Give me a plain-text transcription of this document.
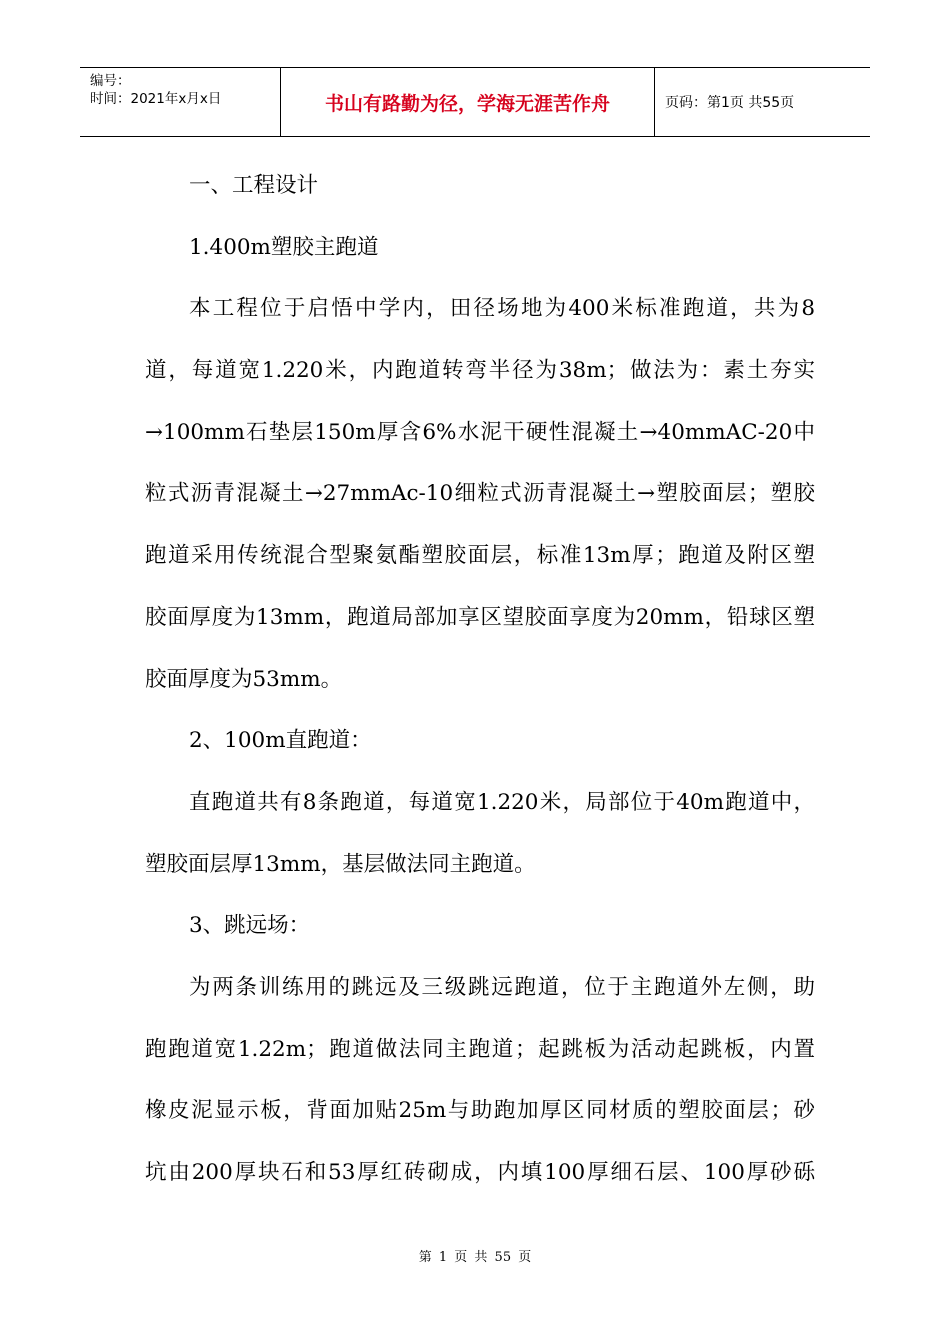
编号：
时间：2021年x月x日	书山有路勤为径，学海无涯苦作舟	页码：第1页 共55页
一、工程设计
1.400m塑胶主跑道
本工程位于启悟中学内，田径场地为400米标准跑道，共为8
道，每道宽1.220米，内跑道转弯半径为38m；做法为：素土夯实
→100mm石垫层150m厚含6%水泥干硬性混凝土→40mmAC-20中
粒式沥青混凝土→27mmAc-10细粒式沥青混凝土→塑胶面层；塑胶
跑道采用传统混合型聚氨酯塑胶面层，标准13m厚；跑道及附区塑
胶面厚度为13mm，跑道局部加享区望胶面享度为20mm，铅球区塑
胶面厚度为53mm。
2、100m直跑道：
直跑道共有8条跑道，每道宽1.220米，局部位于40m跑道中，
塑胶面层厚13mm，基层做法同主跑道。
3、跳远场：
为两条训练用的跳远及三级跳远跑道，位于主跑道外左侧，助
跑跑道宽1.22m；跑道做法同主跑道；起跳板为活动起跳板，内置
橡皮泥显示板，背面加贴25m与助跑加厚区同材质的塑胶面层；砂
坑由200厚块石和53厚红砖砌成，内填100厚细石层、100厚砂砾
第 1 页 共 55 页
